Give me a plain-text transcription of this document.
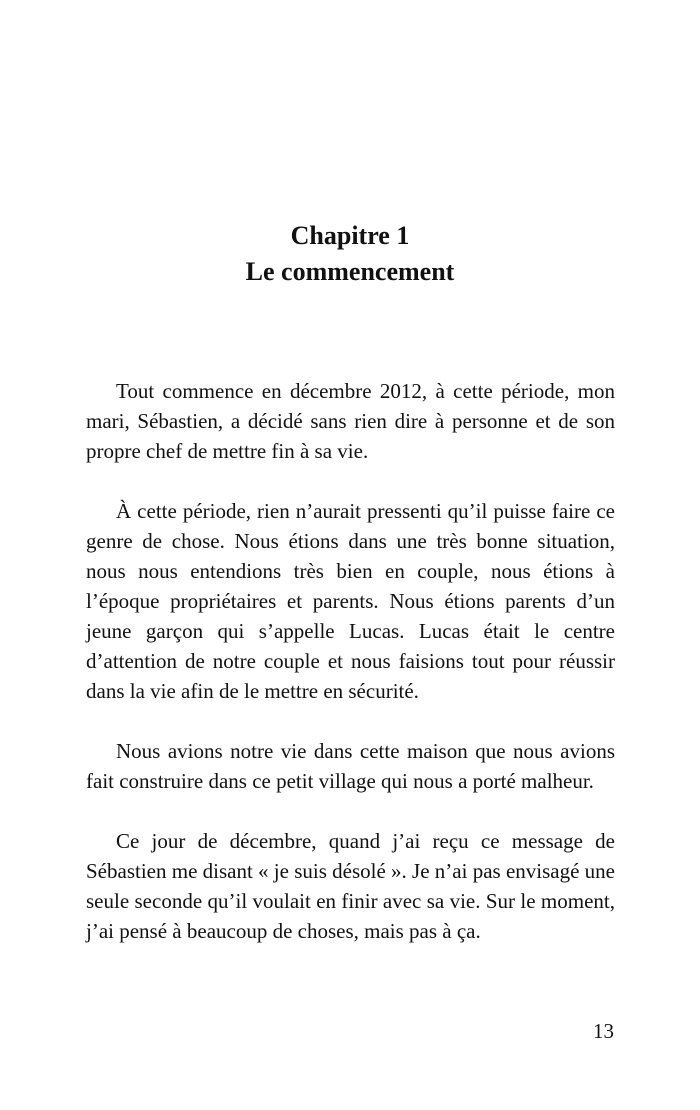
Chapitre 1
Le commencement

Tout commence en décembre 2012, à cette période, mon mari, Sébastien, a décidé sans rien dire à personne et de son propre chef de mettre fin à sa vie.

À cette période, rien n’aurait pressenti qu’il puisse faire ce genre de chose. Nous étions dans une très bonne situation, nous nous entendions très bien en couple, nous étions à l’époque propriétaires et parents. Nous étions parents d’un jeune garçon qui s’appelle Lucas. Lucas était le centre d’attention de notre couple et nous faisions tout pour réussir dans la vie afin de le mettre en sécurité.

Nous avions notre vie dans cette maison que nous avions fait construire dans ce petit village qui nous a porté malheur.

Ce jour de décembre, quand j’ai reçu ce message de Sébastien me disant « je suis désolé ». Je n’ai pas envisagé une seule seconde qu’il voulait en finir avec sa vie. Sur le moment, j’ai pensé à beaucoup de choses, mais pas à ça.

13
